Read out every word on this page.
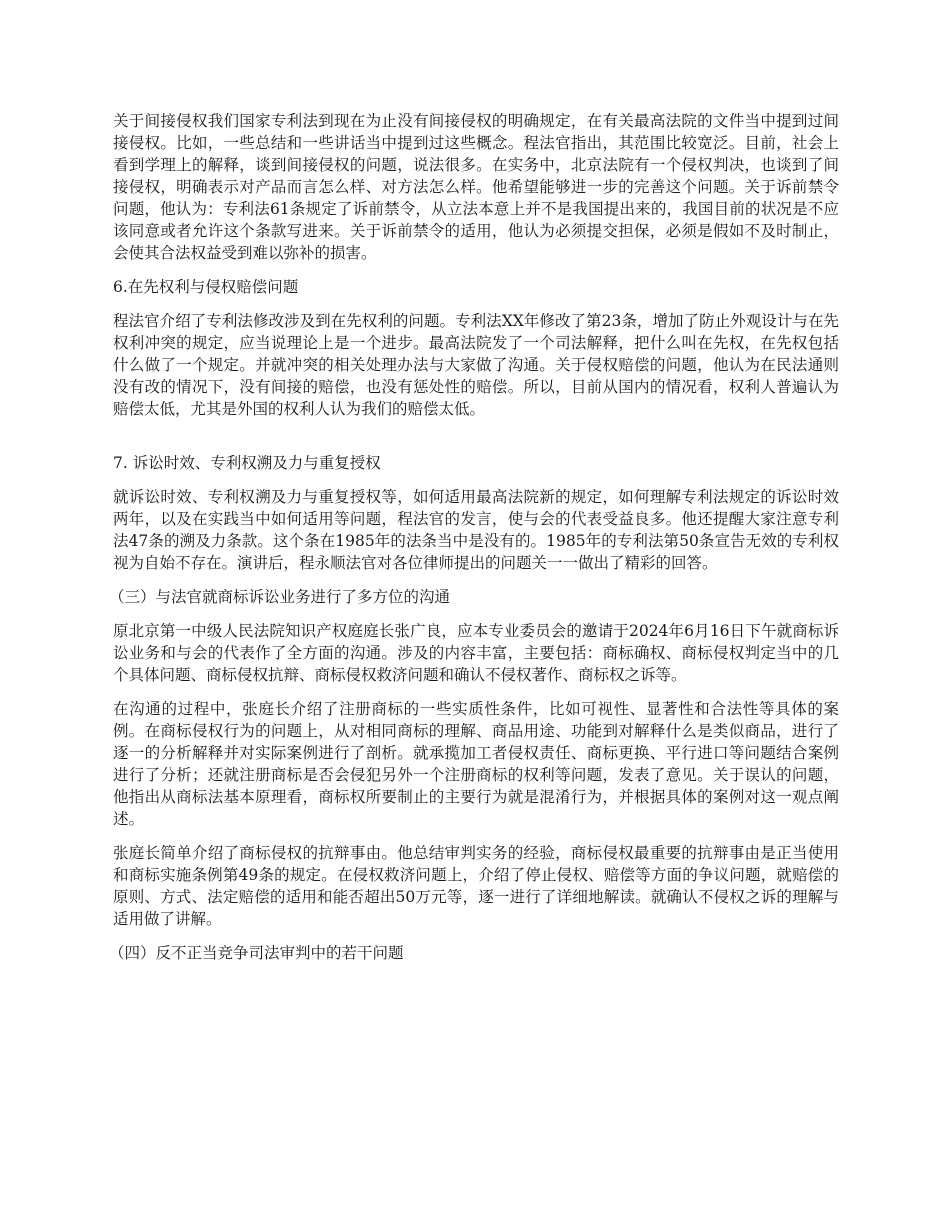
关于间接侵权我们国家专利法到现在为止没有间接侵权的明确规定，在有关最高法院的文件当中提到过间接侵权。比如，一些总结和一些讲话当中提到过这些概念。程法官指出，其范围比较宽泛。目前，社会上看到学理上的解释，谈到间接侵权的问题，说法很多。在实务中，北京法院有一个侵权判决，也谈到了间接侵权，明确表示对产品而言怎么样、对方法怎么样。他希望能够进一步的完善这个问题。关于诉前禁令问题，他认为：专利法61条规定了诉前禁令，从立法本意上并不是我国提出来的，我国目前的状况是不应该同意或者允许这个条款写进来。关于诉前禁令的适用，他认为必须提交担保，必须是假如不及时制止，会使其合法权益受到难以弥补的损害。

6.在先权利与侵权赔偿问题

程法官介绍了专利法修改涉及到在先权利的问题。专利法XX年修改了第23条，增加了防止外观设计与在先权利冲突的规定，应当说理论上是一个进步。最高法院发了一个司法解释，把什么叫在先权，在先权包括什么做了一个规定。并就冲突的相关处理办法与大家做了沟通。关于侵权赔偿的问题，他认为在民法通则没有改的情况下，没有间接的赔偿，也没有惩处性的赔偿。所以，目前从国内的情况看，权利人普遍认为赔偿太低，尤其是外国的权利人认为我们的赔偿太低。

7. 诉讼时效、专利权溯及力与重复授权

就诉讼时效、专利权溯及力与重复授权等，如何适用最高法院新的规定，如何理解专利法规定的诉讼时效两年，以及在实践当中如何适用等问题，程法官的发言，使与会的代表受益良多。他还提醒大家注意专利法47条的溯及力条款。这个条在1985年的法条当中是没有的。1985年的专利法第50条宣告无效的专利权视为自始不存在。演讲后，程永顺法官对各位律师提出的问题关一一做出了精彩的回答。

（三）与法官就商标诉讼业务进行了多方位的沟通

原北京第一中级人民法院知识产权庭庭长张广良，应本专业委员会的邀请于2024年6月16日下午就商标诉讼业务和与会的代表作了全方面的沟通。涉及的内容丰富，主要包括：商标确权、商标侵权判定当中的几个具体问题、商标侵权抗辩、商标侵权救济问题和确认不侵权著作、商标权之诉等。

在沟通的过程中，张庭长介绍了注册商标的一些实质性条件，比如可视性、显著性和合法性等具体的案例。在商标侵权行为的问题上，从对相同商标的理解、商品用途、功能到对解释什么是类似商品，进行了逐一的分析解释并对实际案例进行了剖析。就承揽加工者侵权责任、商标更换、平行进口等问题结合案例进行了分析；还就注册商标是否会侵犯另外一个注册商标的权利等问题，发表了意见。关于误认的问题，他指出从商标法基本原理看，商标权所要制止的主要行为就是混淆行为，并根据具体的案例对这一观点阐述。

张庭长简单介绍了商标侵权的抗辩事由。他总结审判实务的经验，商标侵权最重要的抗辩事由是正当使用和商标实施条例第49条的规定。在侵权救济问题上，介绍了停止侵权、赔偿等方面的争议问题，就赔偿的原则、方式、法定赔偿的适用和能否超出50万元等，逐一进行了详细地解读。就确认不侵权之诉的理解与适用做了讲解。

（四）反不正当竞争司法审判中的若干问题
